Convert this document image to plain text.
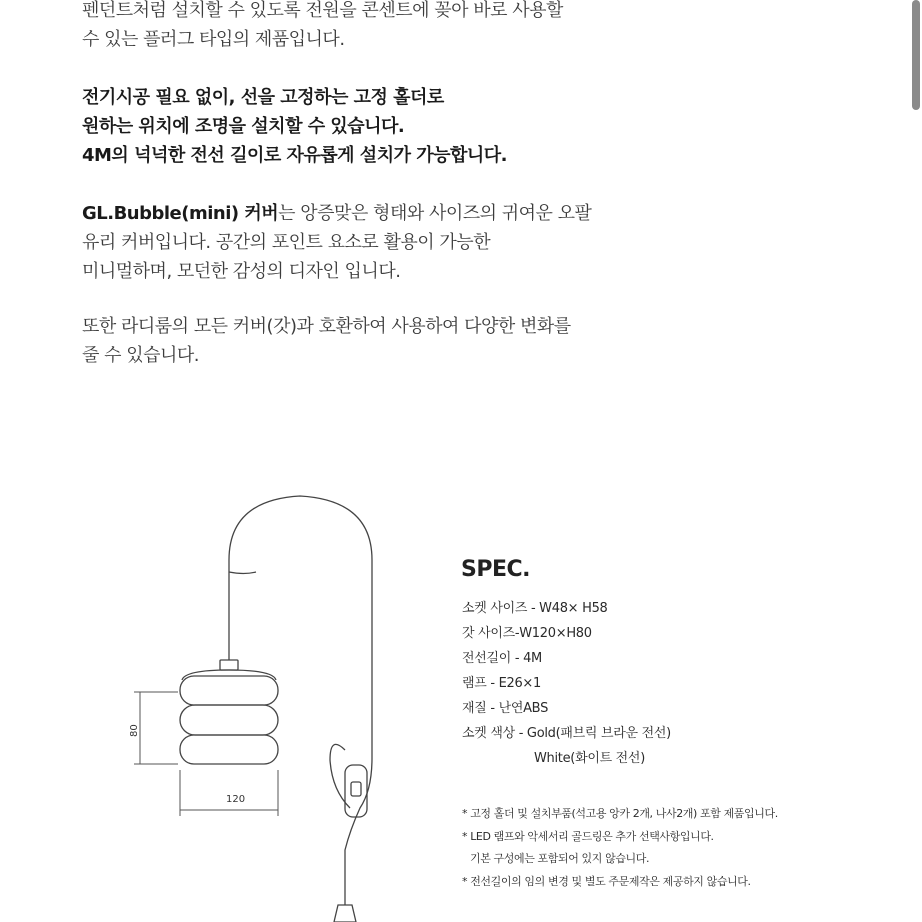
펜던트처럼 설치할 수 있도록 전원을 콘센트에 꽂아 바로 사용할
수 있는 플러그 타입의 제품입니다.
전기시공 필요 없이, 선을 고정하는 고정 홀더로
원하는 위치에 조명을 설치할 수 있습니다.
4M의 넉넉한 전선 길이로 자유롭게 설치가 가능합니다.
GL.Bubble(mini) 커버는 앙증맞은 형태와 사이즈의 귀여운 오팔
유리 커버입니다. 공간의 포인트 요소로 활용이 가능한
미니멀하며, 모던한 감성의 디자인 입니다.
또한 라디룸의 모든 커버(갓)과 호환하여 사용하여 다양한 변화를
줄 수 있습니다.
80
120
SPEC.
소켓 사이즈 - W48× H58
갓 사이즈-W120×H80
전선길이 - 4M
램프 - E26×1
재질 - 난연ABS
소켓 색상 - Gold(패브릭 브라운 전선)
White(화이트 전선)
* 고정 홀더 및 설치부품(석고용 앙카 2개, 나사2개) 포함 제품입니다.
* LED 램프와 악세서리 골드링은 추가 선택사항입니다.
기본 구성에는 포함되어 있지 않습니다.
* 전선길이의 임의 변경 및 별도 주문제작은 제공하지 않습니다.
